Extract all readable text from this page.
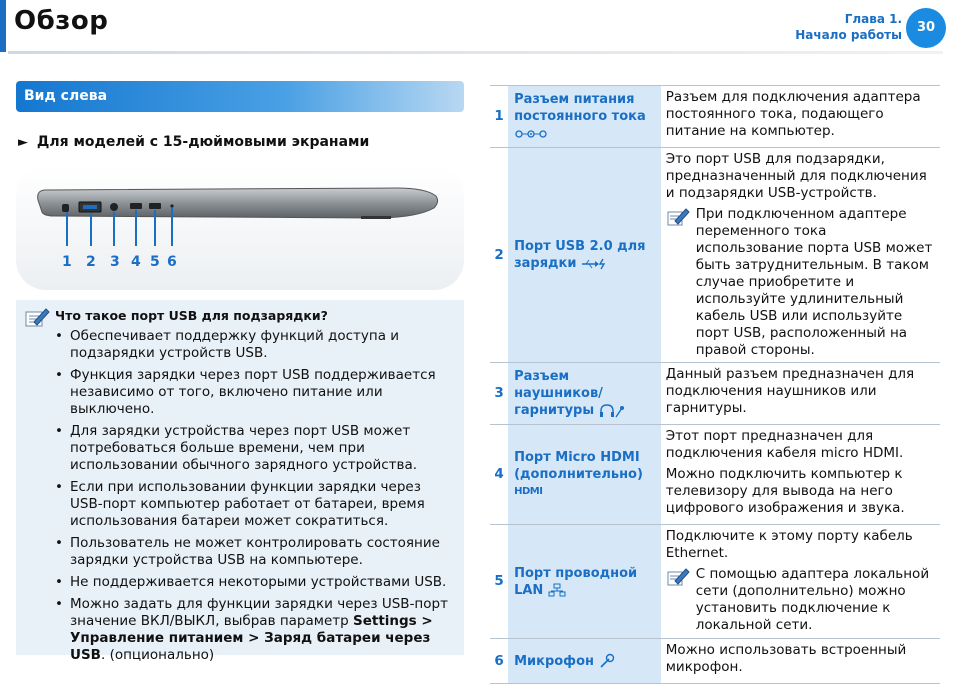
Обзор	Глава 1.
Начало работы	30
Вид слева
► Для моделей с 15-дюймовыми экранами
1 2 3 4 5 6
Что такое порт USB для подзарядки?
• Обеспечивает поддержку функций доступа и подзарядки устройств USB.
• Функция зарядки через порт USB поддерживается независимо от того, включено питание или выключено.
• Для зарядки устройства через порт USB может потребоваться больше времени, чем при использовании обычного зарядного устройства.
• Если при использовании функции зарядки через USB-порт компьютер работает от батареи, время использования батареи может сократиться.
• Пользователь не может контролировать состояние зарядки устройства USB на компьютере.
• Не поддерживается некоторыми устройствами USB.
• Можно задать для функции зарядки через USB-порт значение ВКЛ/ВЫКЛ, выбрав параметр Settings > Управление питанием > Заряд батареи через USB. (опционально)
1	Разъем питания постоянного тока	Разъем для подключения адаптера постоянного тока, подающего питание на компьютер.

2	Порт USB 2.0 для зарядки	Это порт USB для подзарядки, предназначенный для подключения и подзарядки USB-устройств.

При подключенном адаптере переменного тока использование порта USB может быть затруднительным. В таком случае приобретите и используйте удлинительный кабель USB или используйте порт USB, расположенный на правой стороны.

3	Разъем наушников/ гарнитуры	Данный разъем предназначен для подключения наушников или гарнитуры.

4	Порт Micro HDMI (дополнительно) HDMI	Этот порт предназначен для подключения кабеля micro HDMI.

Можно подключить компьютер к телевизору для вывода на него цифрового изображения и звука.

5	Порт проводной LAN	Подключите к этому порту кабель Ethernet.

С помощью адаптера локальной сети (дополнительно) можно установить подключение к локальной сети.

6	Микрофон	Можно использовать встроенный микрофон.
